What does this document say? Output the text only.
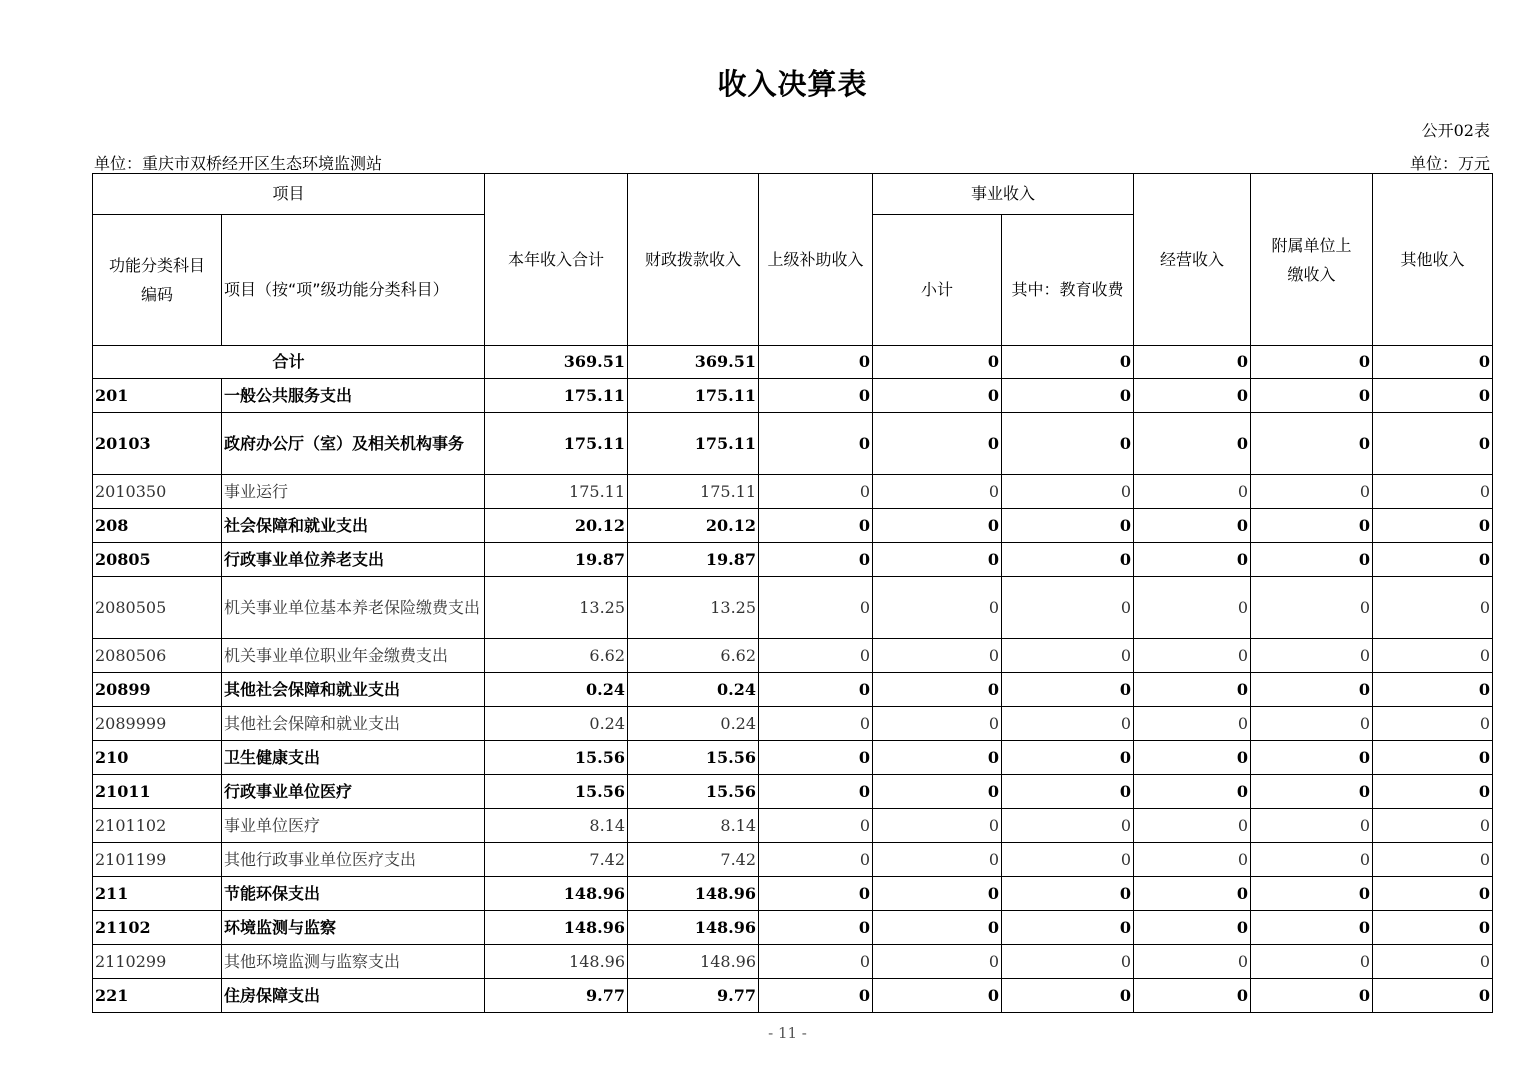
收入决算表
公开02表
单位：重庆市双桥经开区生态环境监测站	单位：万元
项目		本年收入合计	财政拨款收入	上级补助收入	事业收入		经营收入	附属单位上缴收入	其他收入
功能分类科目编码	项目（按“项”级功能分类科目）				小计	其中：教育收费			
合计		369.51	369.51	0	0	0	0	0	0
201	一般公共服务支出	175.11	175.11	0	0	0	0	0	0
20103	政府办公厅（室）及相关机构事务	175.11	175.11	0	0	0	0	0	0
2010350	事业运行	175.11	175.11	0	0	0	0	0	0
208	社会保障和就业支出	20.12	20.12	0	0	0	0	0	0
20805	行政事业单位养老支出	19.87	19.87	0	0	0	0	0	0
2080505	机关事业单位基本养老保险缴费支出	13.25	13.25	0	0	0	0	0	0
2080506	机关事业单位职业年金缴费支出	6.62	6.62	0	0	0	0	0	0
20899	其他社会保障和就业支出	0.24	0.24	0	0	0	0	0	0
2089999	其他社会保障和就业支出	0.24	0.24	0	0	0	0	0	0
210	卫生健康支出	15.56	15.56	0	0	0	0	0	0
21011	行政事业单位医疗	15.56	15.56	0	0	0	0	0	0
2101102	事业单位医疗	8.14	8.14	0	0	0	0	0	0
2101199	其他行政事业单位医疗支出	7.42	7.42	0	0	0	0	0	0
211	节能环保支出	148.96	148.96	0	0	0	0	0	0
21102	环境监测与监察	148.96	148.96	0	0	0	0	0	0
2110299	其他环境监测与监察支出	148.96	148.96	0	0	0	0	0	0
221	住房保障支出	9.77	9.77	0	0	0	0	0	0
- 11 -
